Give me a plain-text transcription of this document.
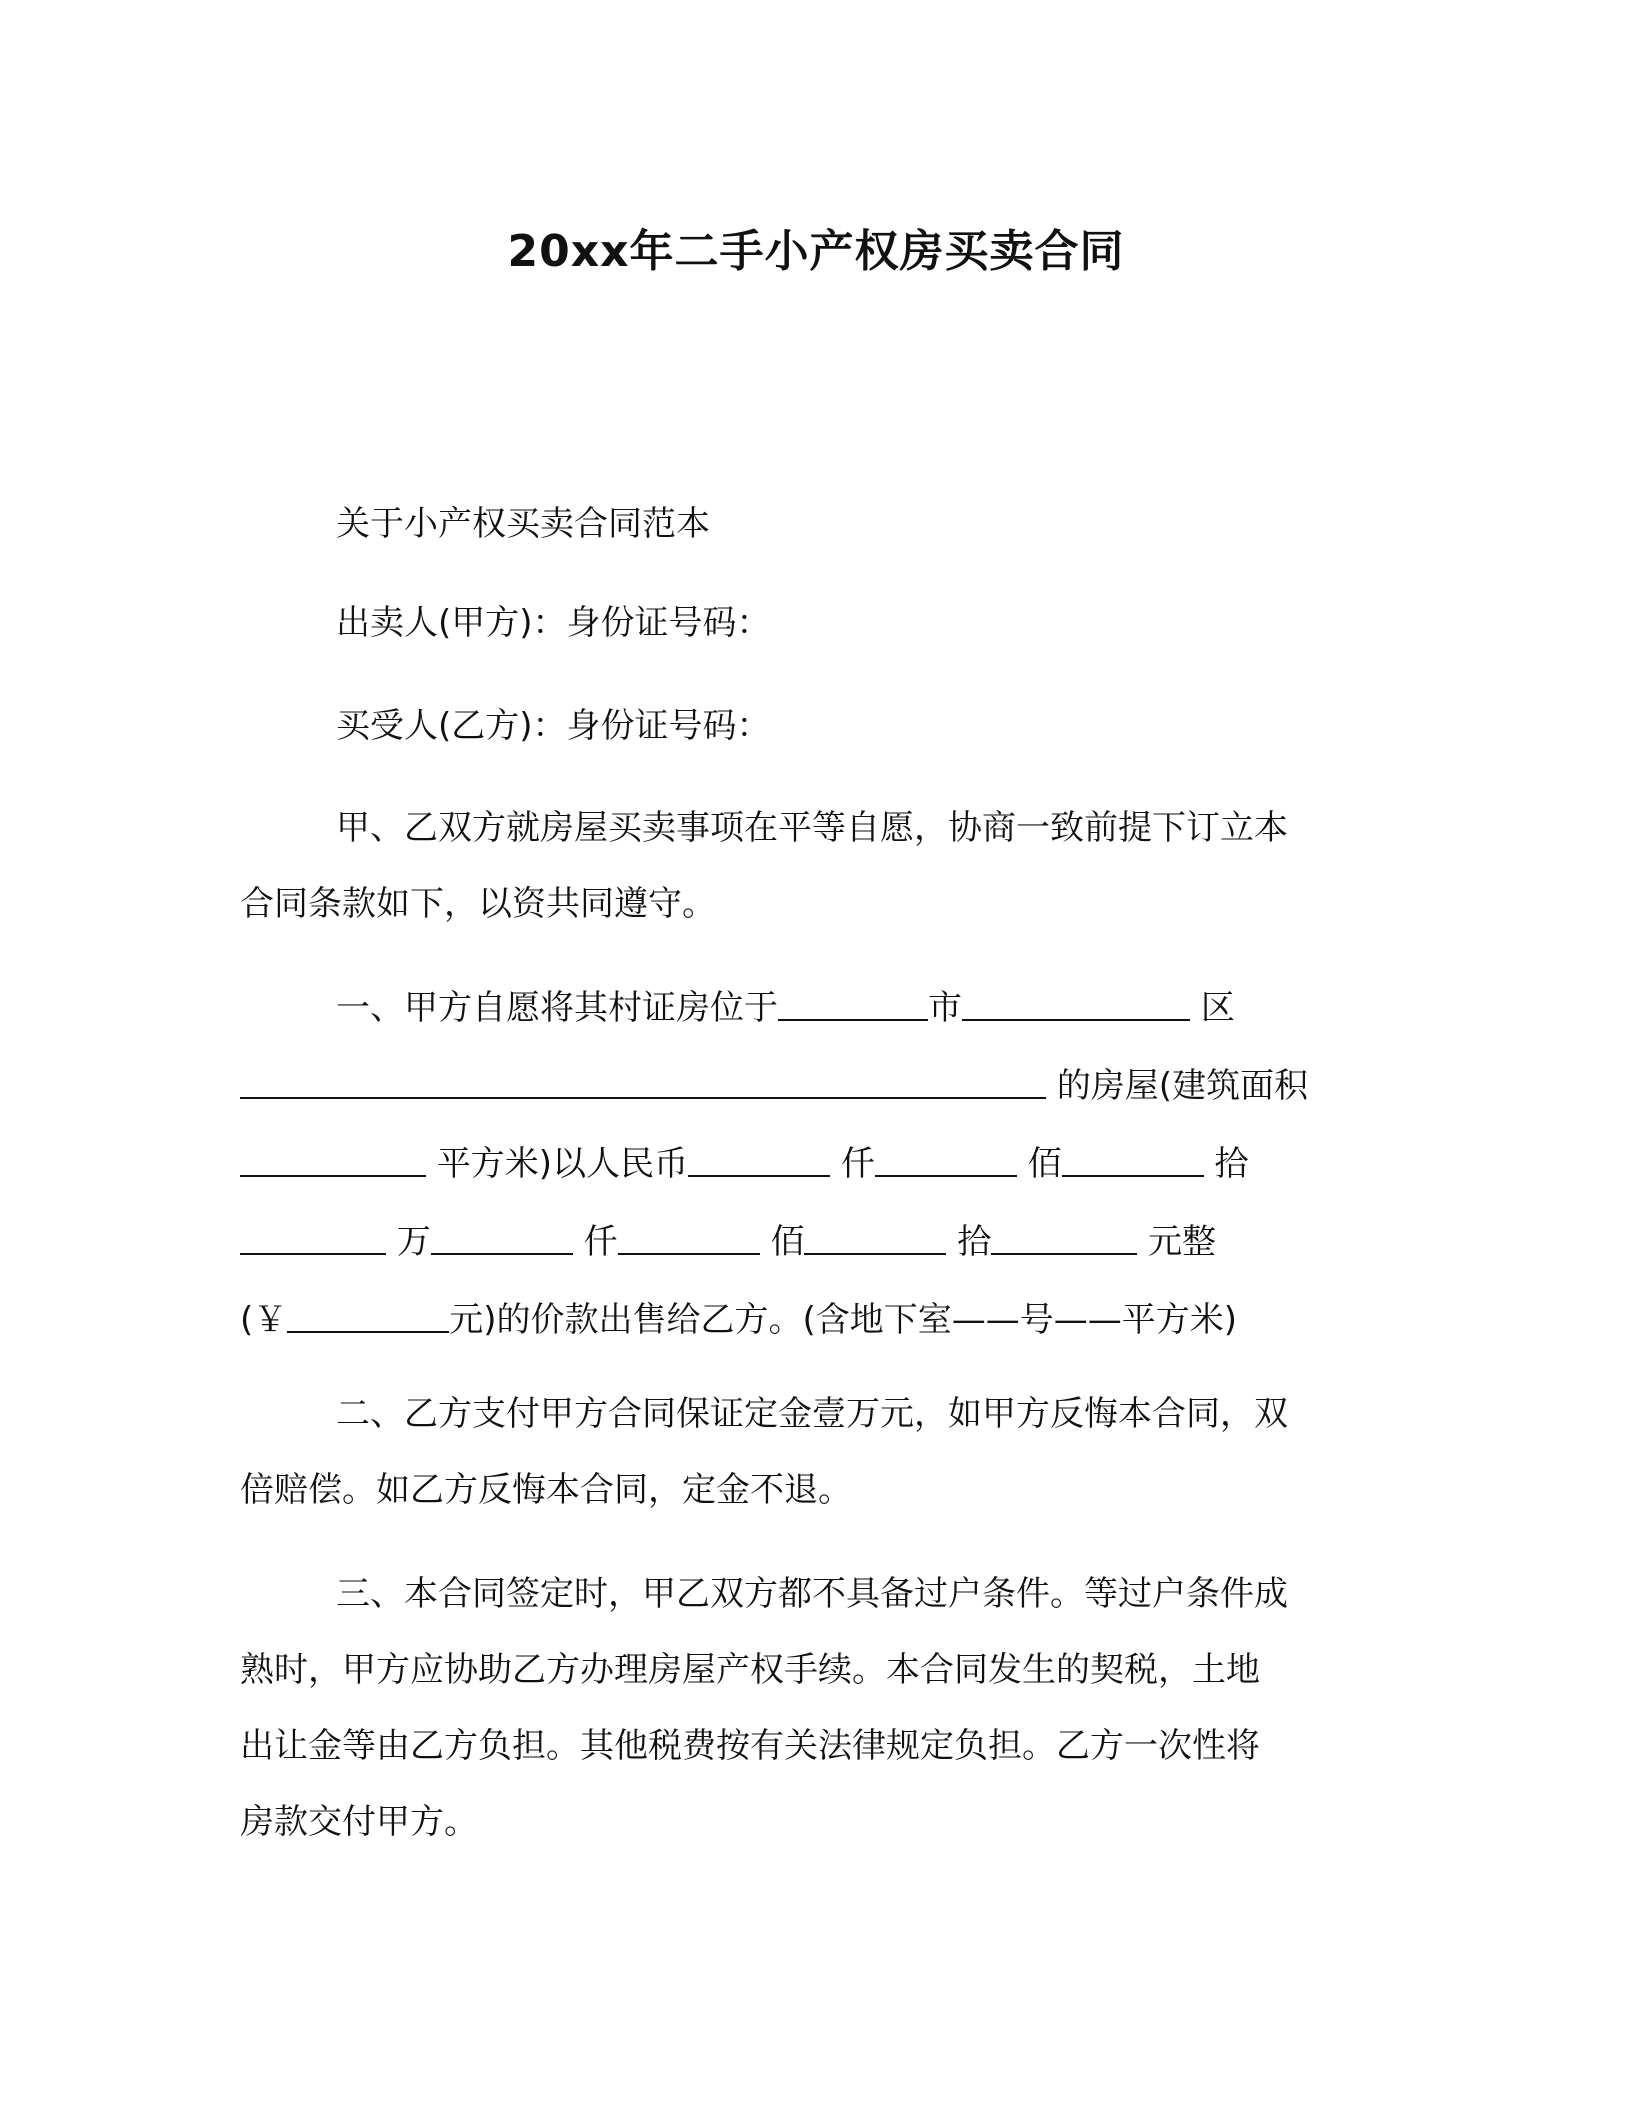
20xx年二手小产权房买卖合同
关于小产权买卖合同范本
出卖人(甲方)：身份证号码：
买受人(乙方)：身份证号码：
甲、乙双方就房屋买卖事项在平等自愿，协商一致前提下订立本
合同条款如下，以资共同遵守。
一、甲方自愿将其村证房位于	市	区
的房屋(建筑面积
平方米)以人民币	仟	佰	拾
万	仟	佰	拾	元整
(￥	元)的价款出售给乙方。(含地下室——号——平方米)
二、乙方支付甲方合同保证定金壹万元，如甲方反悔本合同，双
倍赔偿。如乙方反悔本合同，定金不退。
三、本合同签定时，甲乙双方都不具备过户条件。等过户条件成
熟时，甲方应协助乙方办理房屋产权手续。本合同发生的契税，土地
出让金等由乙方负担。其他税费按有关法律规定负担。乙方一次性将
房款交付甲方。
